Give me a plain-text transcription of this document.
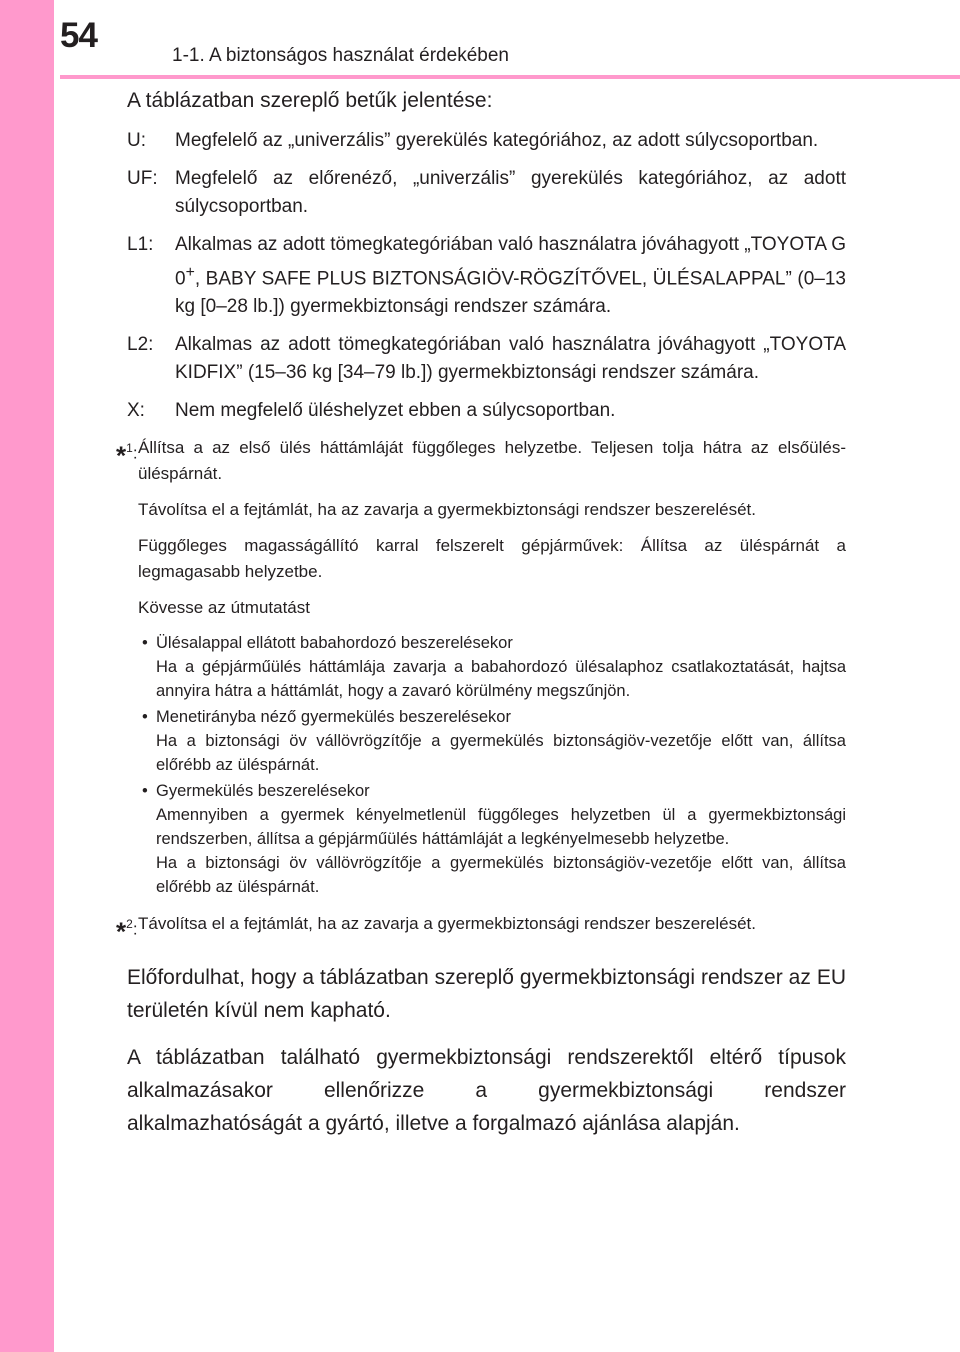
54
1-1. A biztonságos használat érdekében

A táblázatban szereplő betűk jelentése:

U:	Megfelelő az „univerzális” gyerekülés kategóriához, az adott súlycsoportban.
UF: Megfelelő az előrenéző, „univerzális” gyerekülés kategóriához, az adott súlycsoportban.
L1:	Alkalmas az adott tömegkategóriában való használatra jóváhagyott „TOYOTA G 0+, BABY SAFE PLUS BIZTONSÁGIÖV-RÖGZÍTŐVEL, ÜLÉSALAPPAL” (0–13 kg [0–28 lb.]) gyermekbiztonsági rendszer számára.
L2:	Alkalmas az adott tömegkategóriában való használatra jóváhagyott „TOYOTA KIDFIX” (15–36 kg [34–79 lb.]) gyermekbiztonsági rendszer számára.
X:	Nem megfelelő üléshelyzet ebben a súlycsoportban.
*$^1$: Állítsa a az első ülés háttámláját függőleges helyzetbe. Teljesen tolja hátra az elsőülés-üléspárnát.

Távolítsa el a fejtámlát, ha az zavarja a gyermekbiztonsági rendszer beszerelését.

Függőleges magasságállító karral felszerelt gépjárművek: Állítsa az üléspárnát a legmagasabb helyzetbe.

Kövesse az útmutatást

• Ülésalappal ellátott babahordozó beszerelésekor
Ha a gépjárműülés háttámlája zavarja a babahordozó ülésalaphoz csatlakoztatását, hajtsa annyira hátra a háttámlát, hogy a zavaró körülmény megszűnjön.
• Menetirányba néző gyermekülés beszerelésekor
Ha a biztonsági öv vállövrögzítője a gyermekülés biztonságiöv-vezetője előtt van, állítsa előrébb az üléspárnát.
• Gyermekülés beszerelésekor
Amennyiben a gyermek kényelmetlenül függőleges helyzetben ül a gyermekbiztonsági rendszerben, állítsa a gépjárműülés háttámláját a legkényelmesebb helyzetbe.
Ha a biztonsági öv vállövrögzítője a gyermekülés biztonságiöv-vezetője előtt van, állítsa előrébb az üléspárnát.
*$^2$: Távolítsa el a fejtámlát, ha az zavarja a gyermekbiztonsági rendszer beszerelését.

Előfordulhat, hogy a táblázatban szereplő gyermekbiztonsági rendszer az EU területén kívül nem kapható.

A táblázatban található gyermekbiztonsági rendszerektől eltérő típusok alkalmazásakor ellenőrizze a gyermekbiztonsági rendszer alkalmazhatóságát a gyártó, illetve a forgalmazó ajánlása alapján.
